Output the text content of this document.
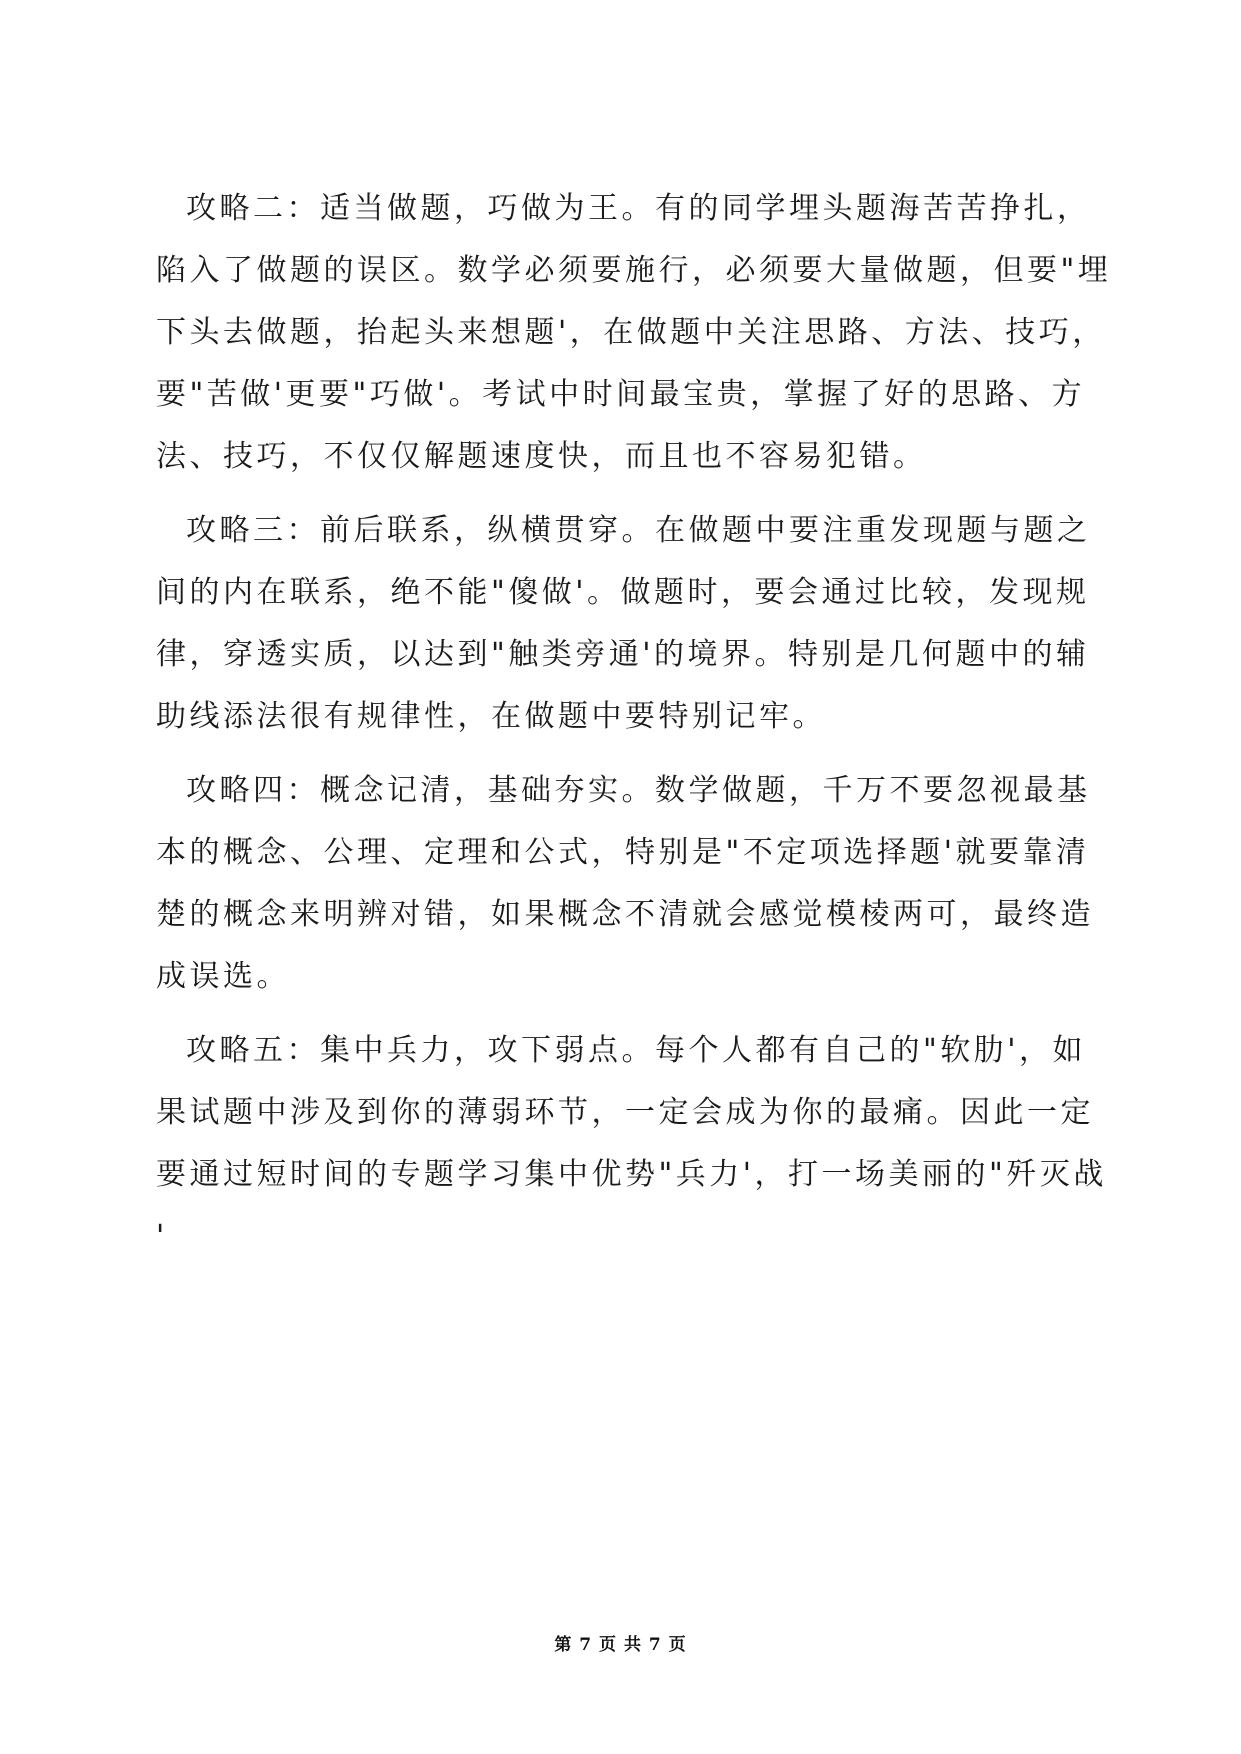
攻略二：适当做题，巧做为王。有的同学埋头题海苦苦挣扎，
陷入了做题的误区。数学必须要施行，必须要大量做题，但要"埋
下头去做题，抬起头来想题'，在做题中关注思路、方法、技巧，
要"苦做'更要"巧做'。考试中时间最宝贵，掌握了好的思路、方
法、技巧，不仅仅解题速度快，而且也不容易犯错。
攻略三：前后联系，纵横贯穿。在做题中要注重发现题与题之
间的内在联系，绝不能"傻做'。做题时，要会通过比较，发现规
律，穿透实质，以达到"触类旁通'的境界。特别是几何题中的辅
助线添法很有规律性，在做题中要特别记牢。
攻略四：概念记清，基础夯实。数学做题，千万不要忽视最基
本的概念、公理、定理和公式，特别是"不定项选择题'就要靠清
楚的概念来明辨对错，如果概念不清就会感觉模棱两可，最终造
成误选。
攻略五：集中兵力，攻下弱点。每个人都有自己的"软肋'，如
果试题中涉及到你的薄弱环节，一定会成为你的最痛。因此一定
要通过短时间的专题学习集中优势"兵力'，打一场美丽的"歼灭战
'
第 7 页 共 7 页
